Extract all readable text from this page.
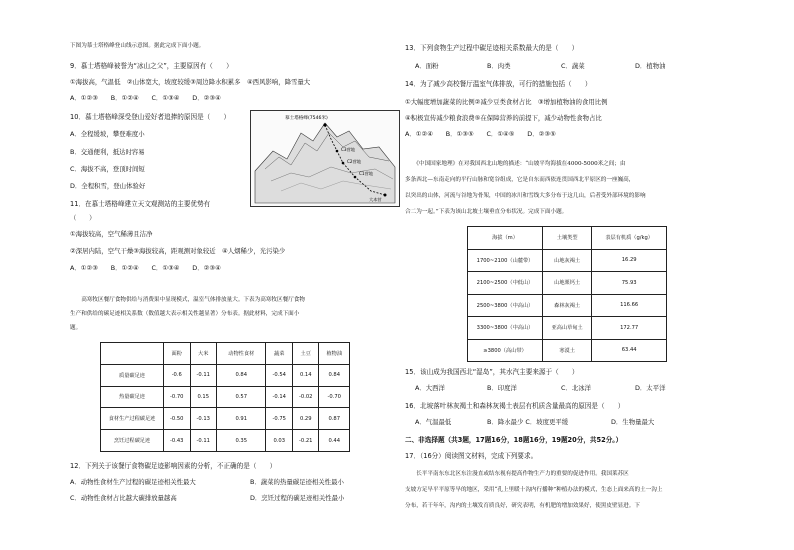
下图为慕士塔格峰登山线示意图。据此完成下面小题。
9．慕士塔格峰被誉为“冰山之父”，主要原因有（　　）
①海拔高，气温低　②山体宽大，坡度较缓③周边降水积累多　④西风影响，降雪量大
A．①②③　　B．①②④　　C．①③④　　D．②③④
10．慕士塔格峰深受登山爱好者追捧的原因是（　　）
A．全程缓坡，攀登难度小
B．交通便利，抵达时容易
C．海拔不高，登顶时间短
D．全程积雪，登山体验好
慕士塔格峰(7546米)
C3营地
C2营地
C1营地
大本营
11．在慕士塔格峰建立天文观测站的主要优势有
（　　）
①海拔较高，空气稀薄且洁净
②深居内陆，空气干燥③海拔较高，距观测对象较近　④人烟稀少，光污染少
A．①②③　　B．①②④　　C．①③④　　D．②③④
　　高寒牧区餐厅食物供给与消费果中显现模式，温室气体排放量大。下表为高寒牧区餐厅食物
生产和供给的碳足迹相关系数（数值越大表示相关性越显著）分布表。据此材料，完成下面小
题。
	面粉	大米	动物性食材	蔬菜	土豆	植物油
质量碳足迹	-0.6	-0.11	0.84	-0.54	0.14	0.84
热量碳足迹	-0.70	0.15	0.57	-0.14	-0.02	-0.70
食材生产过程碳足迹	-0.50	-0.13	0.91	-0.75	0.29	0.87
烹饪过程碳足迹	-0.43	-0.11	0.35	0.03	-0.21	0.44
12．下列关于该餐厅食物碳足迹影响因素的分析，不正确的是（　　）
A．动物性食材生产过程的碳足迹相关性最大	B．蔬菜的热量碳足迹相关性最小
C．动物性食材占比越大碳排放量越高	D．烹饪过程的碳足迹相关性最小
13．下列食物生产过程中碳足迹相关系数最大的是（　　）
A．面粉	B．肉类	C．蔬菜	D．植物油
14．为了减少高校餐厅温室气体排放，可行的措施包括（　　）
①大幅度增加蔬菜的比例②减少豆类食材占比　③增加植物油的食用比例
④积极宣传减少粮食浪费⑤在保障营养的前提下，减少动物性食物占比
A．①②④　　B．①③⑤　　C．①④⑤　　D．②③⑤
　　《中国国家地理》在对我国西北山地的描述：“山坡平均海拔在4000-5000米之间；由
多条西北—东南走向的平行山脉和宽谷组成，它是自东而西依连贯国西北平原区的一座巍高，
以突出的山体，河流与谷地为骨架，中国的冰川和雪线大多分布于这几山，后者受外部环境的影响
合二为一起。”下表为该山北坡土壤垂直分布状况。完成下面小题。
海拔（m）	土壤类型	表层有机质（g/kg）
1700~2100（山麓带）	山地灰褐土	16.29
2100~2500（中低山）	山地栗钙土	75.93
2500~3800（中高山）	森林灰褐土	116.66
3300~3800（中高山）	亚高山草甸土	172.77
≥3800（高山带）	寒漠土	63.44
15．该山成为我国西北“湿岛”，其水汽主要来源于（　　）
A．大西洋	B．印度洋	C．北冰洋	D．太平洋
16．北坡落叶林灰褐土和森林灰褐土表层有机质含量最高的原因是（　　）
A．气温最低	B．降水最少 C．坡度更平缓	D．生物量最大
二、非选择题（共3题，17题16分，18题16分，19题20分，共52分。）
17．（16分）阅读图文材料，完成下列要求。
　　长平平南东东北区东注漫直或结东视有提高作物生产力的重要的促进作用。我国莱苏区
支坡方足旱平平原等旱的地区，采用“孔上里暖十沟内行播种”种植办法的模式，生态上面来高的土一沟上
分布，若干年年，沟内的土壤发育质良好，研究表明，有机肥的增加效果好，使黑皮壁显进。下
